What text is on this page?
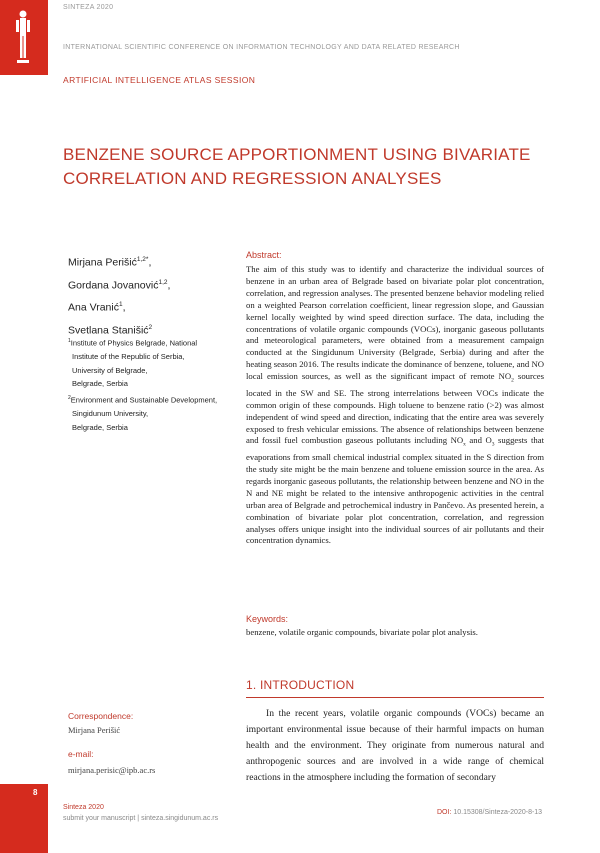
SINTEZA 2020
INTERNATIONAL SCIENTIFIC CONFERENCE ON INFORMATION TECHNOLOGY AND DATA RELATED RESEARCH
ARTIFICIAL INTELLIGENCE ATLAS SESSION
BENZENE SOURCE APPORTIONMENT USING BIVARIATE CORRELATION AND REGRESSION ANALYSES
Mirjana Perišić$^{1,2*}$,
Gordana Jovanović$^{1,2}$,
Ana Vranić$^1$,
Svetlana Stanišić$^2$
$^1$Institute of Physics Belgrade, National
Institute of the Republic of Serbia,
University of Belgrade,
Belgrade, Serbia
$^2$Environment and Sustainable Development,
Singidunum University,
Belgrade, Serbia
Abstract:
The aim of this study was to identify and characterize the individual sources of benzene in an urban area of Belgrade based on bivariate polar plot concentration, correlation, and regression analyses. The presented benzene behavior modeling relied on a weighted Pearson correlation coefficient, linear regression slope, and Gaussian kernel locally weighted by wind speed direction surface. The data, including the concentrations of volatile organic compounds (VOCs), inorganic gaseous pollutants and meteorological parameters, were obtained from a measurement campaign conducted at the Singidunum University (Belgrade, Serbia) during and after the heating season 2016. The results indicate the dominance of benzene, toluene, and NO local emission sources, as well as the significant impact of remote $NO_2$ sources located in the SW and SE. The strong interrelations between VOCs indicate the common origin of these compounds. High toluene to benzene ratio (>2) was almost independent of wind speed and direction, indicating that the entire area was severely exposed to fresh vehicular emissions. The absence of relationships between benzene and fossil fuel combustion gaseous pollutants including $NO_x$ and $O_3$ suggests that evaporations from small chemical industrial complex situated in the S direction from the study site might be the main benzene and toluene emission source in the area. As regards inorganic gaseous pollutants, the relationship between benzene and NO in the N and NE might be related to the intensive anthropogenic activities in the central urban area of Belgrade and petrochemical industry in Pančevo. As presented herein, a combination of bivariate polar plot concentration, correlation, and regression analyses offers unique insight into the individual sources of air pollutants and their concentration dynamics.
Keywords:
benzene, volatile organic compounds, bivariate polar plot analysis.
1. INTRODUCTION
In the recent years, volatile organic compounds (VOCs) became an important environmental issue because of their harmful impacts on human health and the environment. They originate from numerous natural and anthropogenic sources and are involved in a wide range of chemical reactions in the atmosphere including the formation of secondary
Correspondence:
Mirjana Perišić
e-mail:
mirjana.perisic@ipb.ac.rs
8
Sinteza 2020
submit your manuscript | sinteza.singidunum.ac.rs
DOI: 10.15308/Sinteza-2020-8-13
